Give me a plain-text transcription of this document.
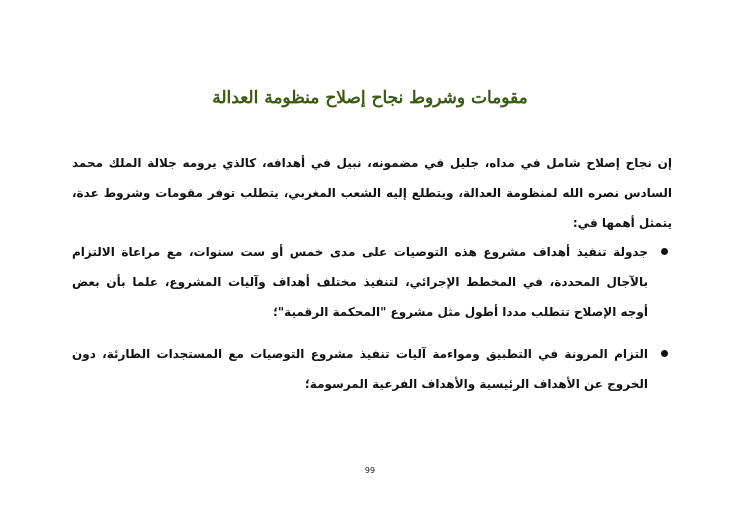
مقومات وشروط نجاح إصلاح منظومة العدالة

إن نجاح إصلاح شامل في مداه، جليل في مضمونه، نبيل في أهدافه، كالذي يرومه جلالة الملك محمد السادس نصره الله لمنظومة العدالة، ويتطلع إليه الشعب المغربي، يتطلب توفر مقومات وشروط عدة، يتمثل أهمها في:

جدولة تنفيذ أهداف مشروع هذه التوصيات على مدى خمس أو ست سنوات، مع مراعاة الالتزام بالآجال المحددة، في المخطط الإجرائي، لتنفيذ مختلف أهداف وآليات المشروع، علما بأن بعض أوجه الإصلاح تتطلب مددا أطول مثل مشروع "المحكمة الرقمية"؛
التزام المرونة في التطبيق ومواءمة آليات تنفيذ مشروع التوصيات مع المستجدات الطارئة، دون الخروج عن الأهداف الرئيسية والأهداف الفرعية المرسومة؛
99
